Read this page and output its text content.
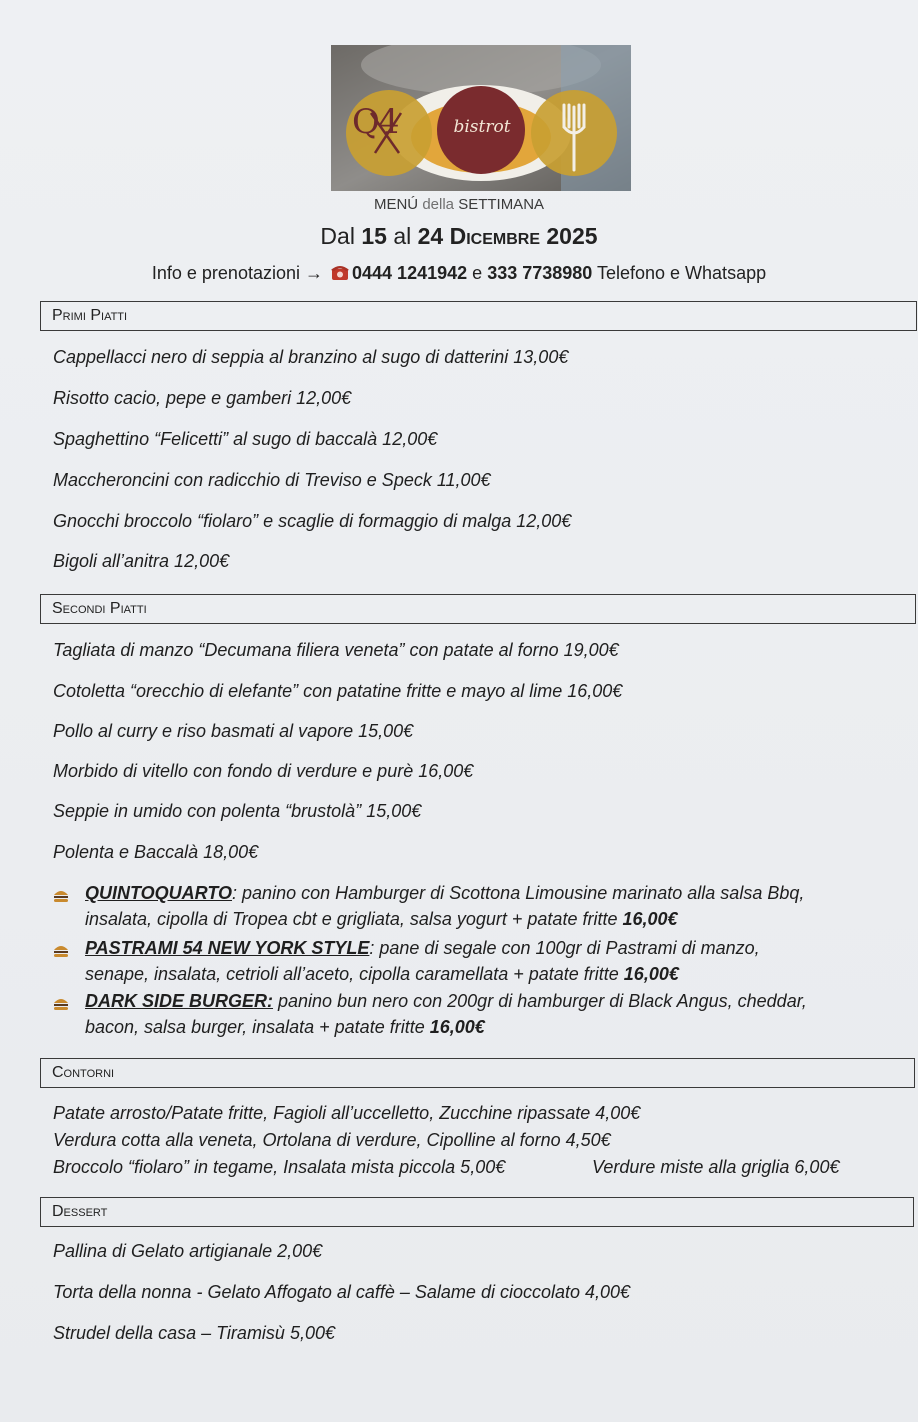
Q4	bistrot
MENÚ della SETTIMANA
Dal 15 al 24 Dicembre 2025
Info e prenotazioni → 0444 1241942 e 333 7738980 Telefono e Whatsapp
Primi Piatti
Cappellacci nero di seppia al branzino al sugo di datterini 13,00€
Risotto cacio, pepe e gamberi 12,00€
Spaghettino “Felicetti” al sugo di baccalà 12,00€
Maccheroncini con radicchio di Treviso e Speck 11,00€
Gnocchi broccolo “fiolaro” e scaglie di formaggio di malga 12,00€
Bigoli all’anitra 12,00€
Secondi Piatti
Tagliata di manzo “Decumana filiera veneta” con patate al forno 19,00€
Cotoletta “orecchio di elefante” con patatine fritte e mayo al lime 16,00€
Pollo al curry e riso basmati al vapore 15,00€
Morbido di vitello con fondo di verdure e purè 16,00€
Seppie in umido con polenta “brustolà” 15,00€
Polenta e Baccalà 18,00€
QUINTOQUARTO: panino con Hamburger di Scottona Limousine marinato alla salsa Bbq,
insalata, cipolla di Tropea cbt e grigliata, salsa yogurt + patate fritte 16,00€
PASTRAMI 54 NEW YORK STYLE: pane di segale con 100gr di Pastrami di manzo,
senape, insalata, cetrioli all’aceto, cipolla caramellata + patate fritte 16,00€
DARK SIDE BURGER: panino bun nero con 200gr di hamburger di Black Angus, cheddar,
bacon, salsa burger, insalata + patate fritte 16,00€
Contorni
Patate arrosto/Patate fritte, Fagioli all’uccelletto, Zucchine ripassate 4,00€
Verdura cotta alla veneta, Ortolana di verdure, Cipolline al forno 4,50€
Broccolo “fiolaro” in tegame, Insalata mista piccola 5,00€	Verdure miste alla griglia 6,00€
Dessert
Pallina di Gelato artigianale 2,00€
Torta della nonna - Gelato Affogato al caffè – Salame di cioccolato 4,00€
Strudel della casa – Tiramisù 5,00€
